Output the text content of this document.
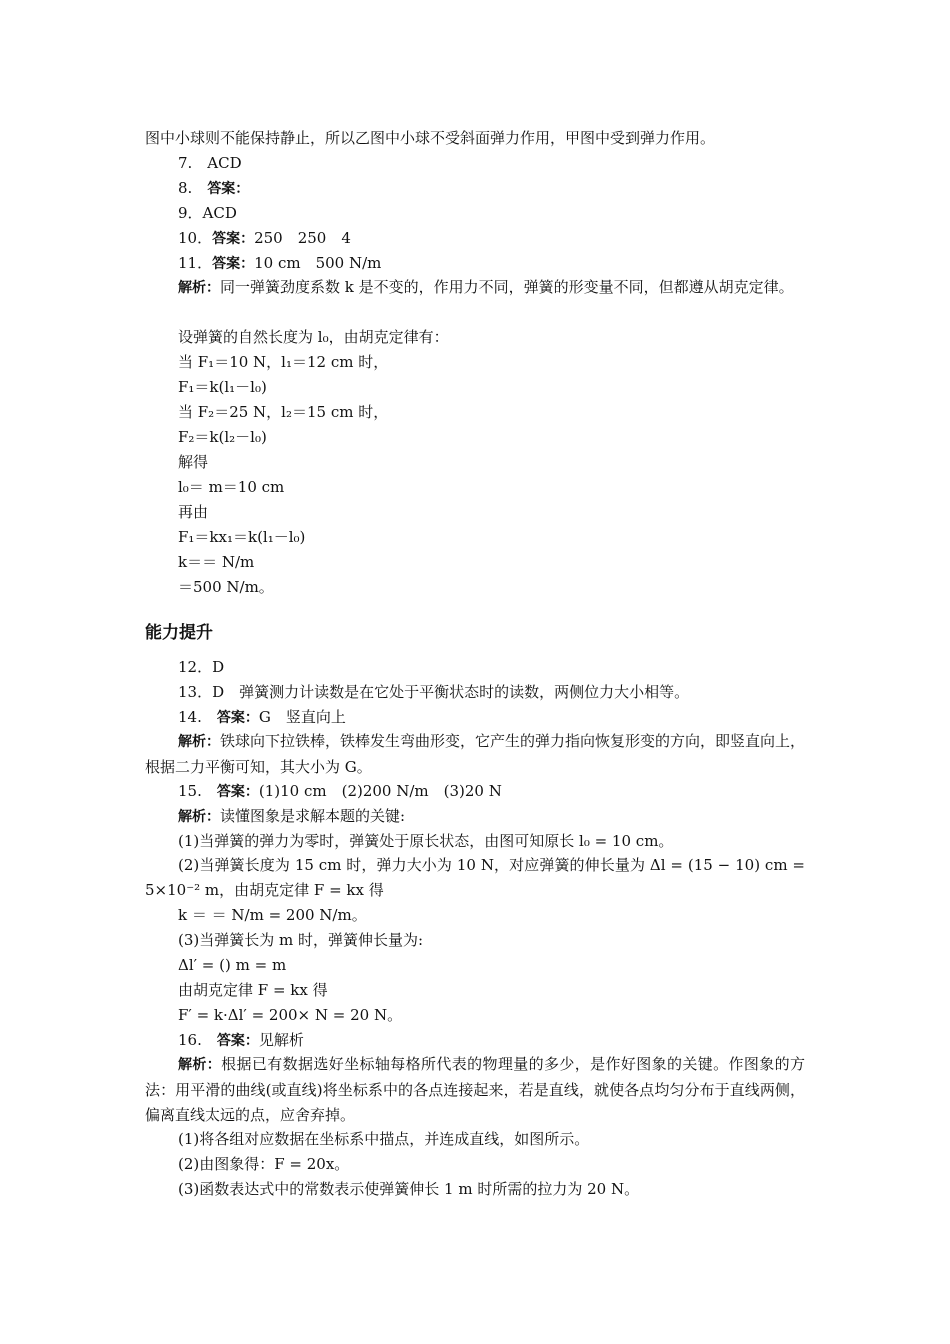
图中小球则不能保持静止，所以乙图中小球不受斜面弹力作用，甲图中受到弹力作用。
7.　ACD
8.　答案：
9．ACD
10．答案：250　250　4
11．答案：10 cm　500 N/m
解析：同一弹簧劲度系数 k 是不变的，作用力不同，弹簧的形变量不同，但都遵从胡克定律。
设弹簧的自然长度为 l₀，由胡克定律有：
当 F₁＝10 N，l₁＝12 cm 时，
F₁＝k(l₁－l₀)
当 F₂＝25 N，l₂＝15 cm 时，
F₂＝k(l₂－l₀)
解得
l₀＝ m＝10 cm
再由
F₁＝kx₁＝k(l₁－l₀)
k＝＝ N/m
＝500 N/m。
能力提升
12．D
13．D　弹簧测力计读数是在它处于平衡状态时的读数，两侧位力大小相等。
14.　答案：G　竖直向上
解析：铁球向下拉铁棒，铁棒发生弯曲形变，它产生的弹力指向恢复形变的方向，即竖直向上，根据二力平衡可知，其大小为 G。
15.　答案：(1)10 cm　(2)200 N/m　(3)20 N
解析：读懂图象是求解本题的关键:
(1)当弹簧的弹力为零时，弹簧处于原长状态，由图可知原长 l₀ = 10 cm。
(2)当弹簧长度为 15 cm 时，弹力大小为 10 N，对应弹簧的伸长量为 Δl = (15 − 10) cm = 5×10⁻² m，由胡克定律 F = kx 得
k ＝ ＝ N/m = 200 N/m。
(3)当弹簧长为 m 时，弹簧伸长量为:
Δl′ = () m = m
由胡克定律 F = kx 得
F′ = k·Δl′ = 200× N = 20 N。
16.　答案：见解析
解析：根据已有数据选好坐标轴每格所代表的物理量的多少，是作好图象的关键。作图象的方法：用平滑的曲线(或直线)将坐标系中的各点连接起来，若是直线，就使各点均匀分布于直线两侧，偏离直线太远的点，应舍弃掉。
(1)将各组对应数据在坐标系中描点，并连成直线，如图所示。
(2)由图象得：F = 20x。
(3)函数表达式中的常数表示使弹簧伸长 1 m 时所需的拉力为 20 N。
